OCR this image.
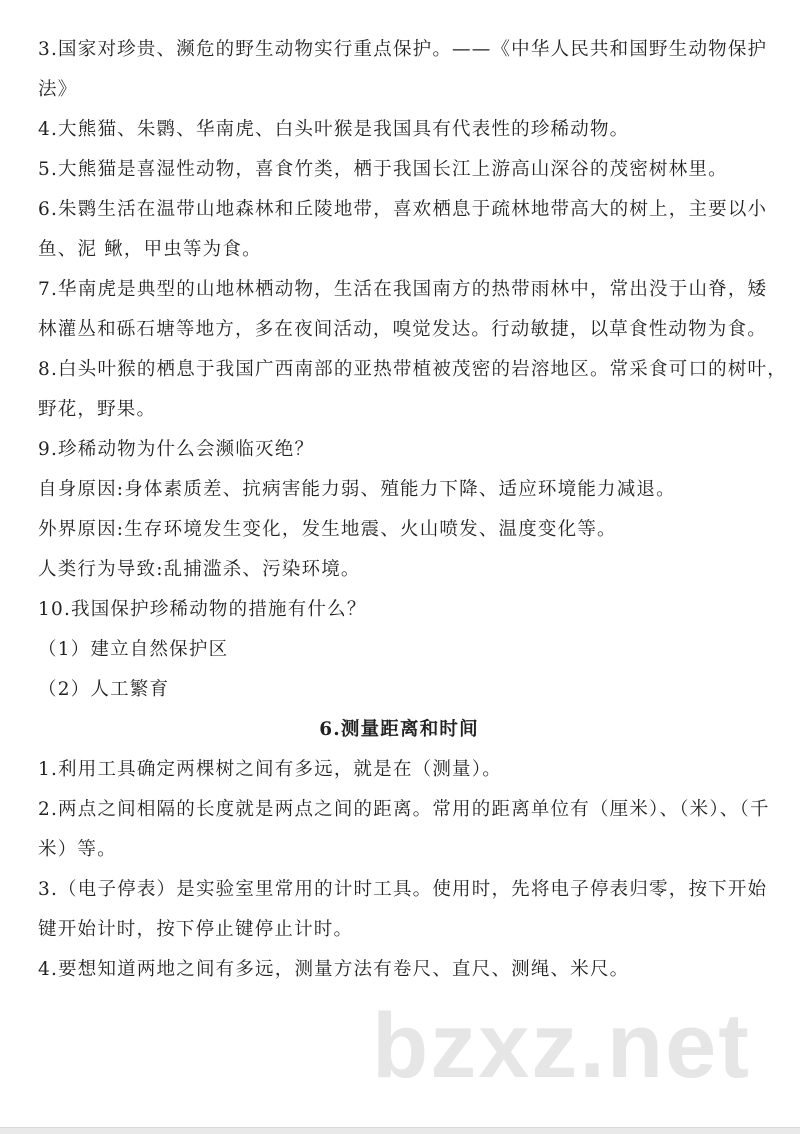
bzxz.net
3.国家对珍贵、濒危的野生动物实行重点保护。——《中华人民共和国野生动物保护
法》
4.大熊猫、朱鹮、华南虎、白头叶猴是我国具有代表性的珍稀动物。
5.大熊猫是喜湿性动物，喜食竹类，栖于我国长江上游高山深谷的茂密树林里。
6.朱鹮生活在温带山地森林和丘陵地带，喜欢栖息于疏林地带高大的树上，主要以小
鱼、泥 鳅，甲虫等为食。
7.华南虎是典型的山地林栖动物，生活在我国南方的热带雨林中，常出没于山脊，矮
林灌丛和砾石塘等地方，多在夜间活动，嗅觉发达。行动敏捷，以草食性动物为食。
8.白头叶猴的栖息于我国广西南部的亚热带植被茂密的岩溶地区。常采食可口的树叶，
野花，野果。
9.珍稀动物为什么会濒临灭绝？
自身原因:身体素质差、抗病害能力弱、殖能力下降、适应环境能力减退。
外界原因:生存环境发生变化，发生地震、火山喷发、温度变化等。
人类行为导致:乱捕滥杀、污染环境。
10.我国保护珍稀动物的措施有什么？
（1）建立自然保护区
（2）人工繁育
6.测量距离和时间
1.利用工具确定两棵树之间有多远，就是在（测量）。
2.两点之间相隔的长度就是两点之间的距离。常用的距离单位有（厘米）、（米）、（千
米）等。
3.（电子停表）是实验室里常用的计时工具。使用时，先将电子停表归零，按下开始
键开始计时，按下停止键停止计时。
4.要想知道两地之间有多远，测量方法有卷尺、直尺、测绳、米尺。
